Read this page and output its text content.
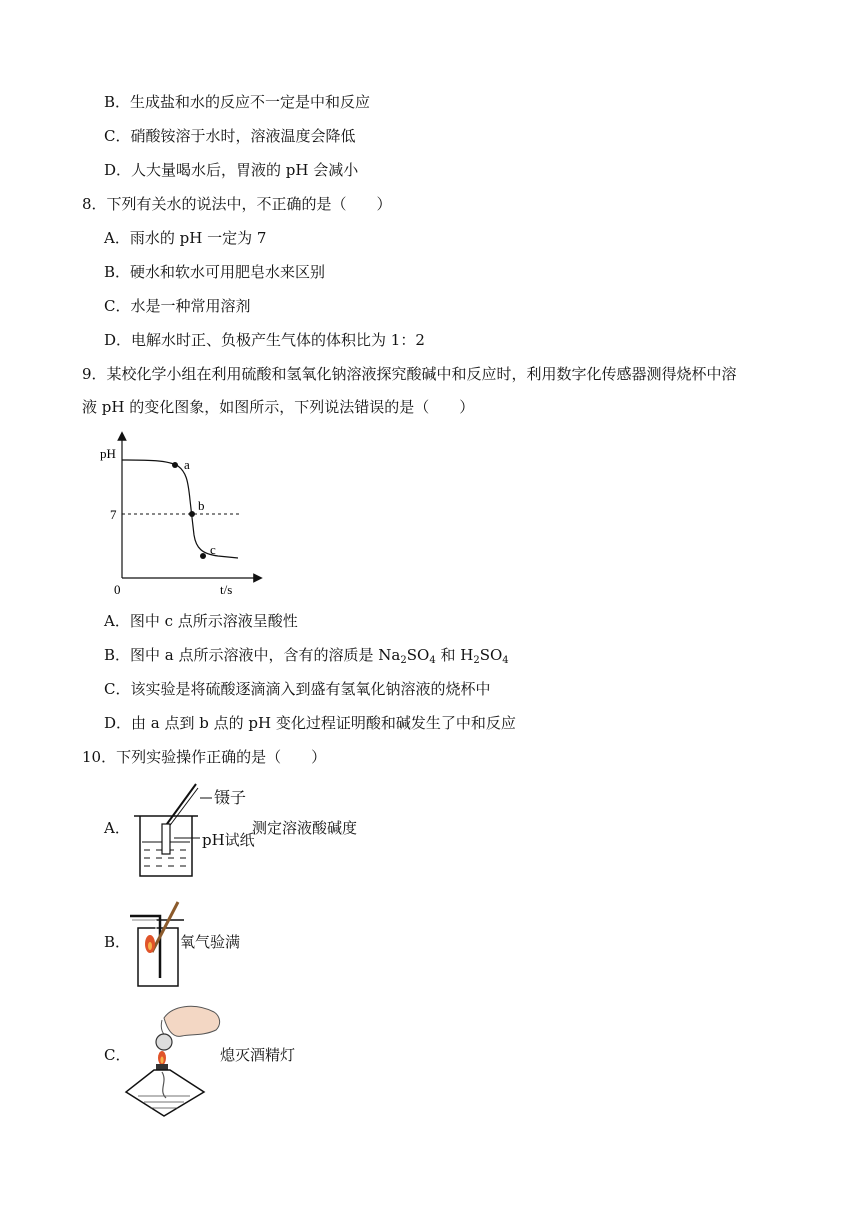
B．生成盐和水的反应不一定是中和反应
C．硝酸铵溶于水时，溶液温度会降低
D．人大量喝水后，胃液的 pH 会减小
8．下列有关水的说法中，不正确的是（　　）
A．雨水的 pH 一定为 7
B．硬水和软水可用肥皂水来区别
C．水是一种常用溶剂
D．电解水时正、负极产生气体的体积比为 1：2
9．某校化学小组在利用硫酸和氢氧化钠溶液探究酸碱中和反应时，利用数字化传感器测得烧杯中溶
液 pH 的变化图象，如图所示，下列说法错误的是（　　）
pH
7
0	t/s
a
b
c
A．图中 c 点所示溶液呈酸性
B．图中 a 点所示溶液中，含有的溶质是 $Na_2SO_4$ 和 $H_2SO_4$
C．该实验是将硫酸逐滴滴入到盛有氢氧化钠溶液的烧杯中
D．由 a 点到 b 点的 pH 变化过程证明酸和碱发生了中和反应
10．下列实验操作正确的是（　　）
A．
镊子
pH试纸
测定溶液酸碱度
B．	氧气验满
C．	熄灭酒精灯
